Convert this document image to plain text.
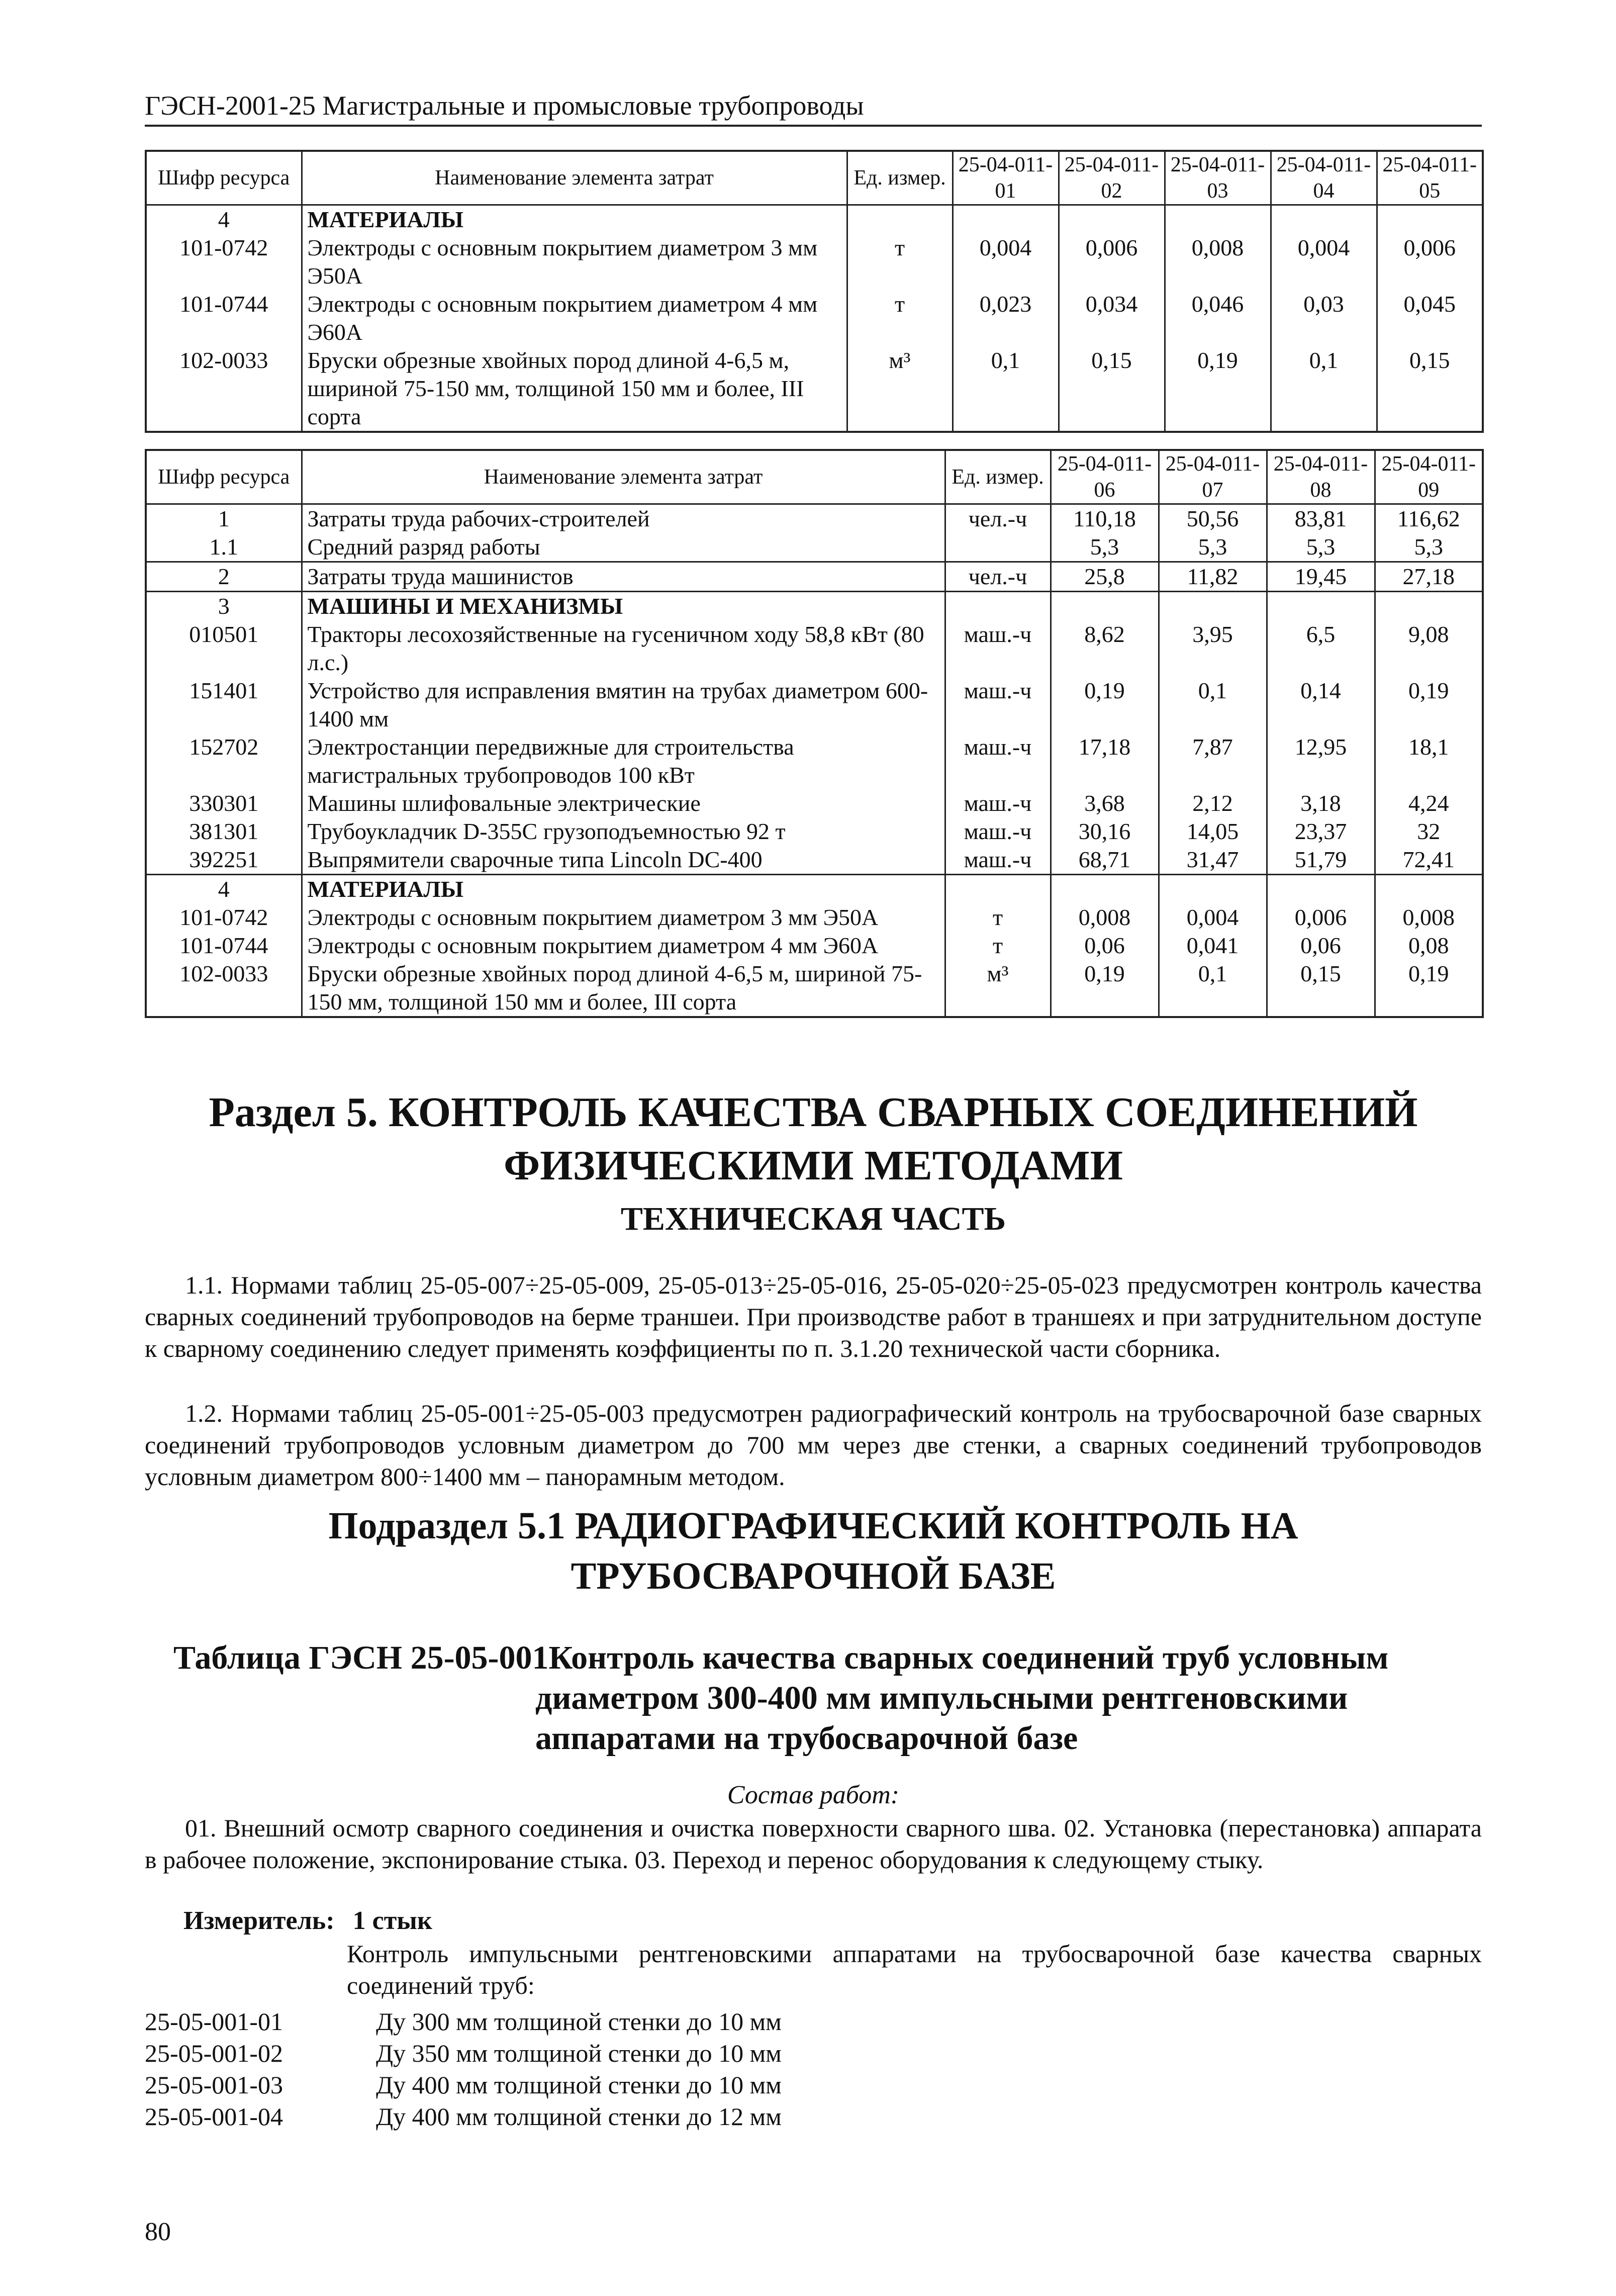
ГЭСН-2001-25 Магистральные и промысловые трубопроводы
Шифр ресурса	Наименование элемента затрат	Ед. измер.	25-04-011-01	25-04-011-02	25-04-011-03	25-04-011-04	25-04-011-05
4	МАТЕРИАЛЫ						
101-0742	Электроды с основным покрытием диаметром 3 мм Э50А	т	0,004	0,006	0,008	0,004	0,006
101-0744	Электроды с основным покрытием диаметром 4 мм Э60А	т	0,023	0,034	0,046	0,03	0,045
102-0033	Бруски обрезные хвойных пород длиной 4-6,5 м, шириной 75-150 мм, толщиной 150 мм и более, III сорта	м³	0,1	0,15	0,19	0,1	0,15
Шифр ресурса	Наименование элемента затрат	Ед. измер.	25-04-011-06	25-04-011-07	25-04-011-08	25-04-011-09
1	Затраты труда рабочих-строителей	чел.-ч	110,18	50,56	83,81	116,62
1.1	Средний разряд работы		5,3	5,3	5,3	5,3
2	Затраты труда машинистов	чел.-ч	25,8	11,82	19,45	27,18
3	МАШИНЫ И МЕХАНИЗМЫ					
010501	Тракторы лесохозяйственные на гусеничном ходу 58,8 кВт (80 л.с.)	маш.-ч	8,62	3,95	6,5	9,08
151401	Устройство для исправления вмятин на трубах диаметром 600-1400 мм	маш.-ч	0,19	0,1	0,14	0,19
152702	Электростанции передвижные для строительства магистральных трубопроводов 100 кВт	маш.-ч	17,18	7,87	12,95	18,1
330301	Машины шлифовальные электрические	маш.-ч	3,68	2,12	3,18	4,24
381301	Трубоукладчик D-355C грузоподъемностью 92 т	маш.-ч	30,16	14,05	23,37	32
392251	Выпрямители сварочные типа Lincoln DC-400	маш.-ч	68,71	31,47	51,79	72,41
4	МАТЕРИАЛЫ					
101-0742	Электроды с основным покрытием диаметром 3 мм Э50А	т	0,008	0,004	0,006	0,008
101-0744	Электроды с основным покрытием диаметром 4 мм Э60А	т	0,06	0,041	0,06	0,08
102-0033	Бруски обрезные хвойных пород длиной 4-6,5 м, шириной 75-150 мм, толщиной 150 мм и более, III сорта	м³	0,19	0,1	0,15	0,19
Раздел 5. КОНТРОЛЬ КАЧЕСТВА СВАРНЫХ СОЕДИНЕНИЙ ФИЗИЧЕСКИМИ МЕТОДАМИ
ТЕХНИЧЕСКАЯ ЧАСТЬ
1.1. Нормами таблиц 25-05-007÷25-05-009, 25-05-013÷25-05-016, 25-05-020÷25-05-023 предусмотрен контроль качества сварных соединений трубопроводов на берме траншеи. При производстве работ в траншеях и при затруднительном доступе к сварному соединению следует применять коэффициенты по п. 3.1.20 технической части сборника.
1.2. Нормами таблиц 25-05-001÷25-05-003 предусмотрен радиографический контроль на трубосварочной базе сварных соединений трубопроводов условным диаметром до 700 мм через две стенки, а сварных соединений трубопроводов условным диаметром 800÷1400 мм – панорамным методом.
Подраздел 5.1 РАДИОГРАФИЧЕСКИЙ КОНТРОЛЬ НА ТРУБОСВАРОЧНОЙ БАЗЕ
Таблица ГЭСН 25-05-001 Контроль качества сварных соединений труб условным диаметром 300-400 мм импульсными рентгеновскими аппаратами на трубосварочной базе
Состав работ:
01. Внешний осмотр сварного соединения и очистка поверхности сварного шва. 02. Установка (перестановка) аппарата в рабочее положение, экспонирование стыка. 03. Переход и перенос оборудования к следующему стыку.
Измеритель: 1 стык
Контроль импульсными рентгеновскими аппаратами на трубосварочной базе качества сварных соединений труб:
25-05-001-01	Ду 300 мм толщиной стенки до 10 мм
25-05-001-02	Ду 350 мм толщиной стенки до 10 мм
25-05-001-03	Ду 400 мм толщиной стенки до 10 мм
25-05-001-04	Ду 400 мм толщиной стенки до 12 мм
80
